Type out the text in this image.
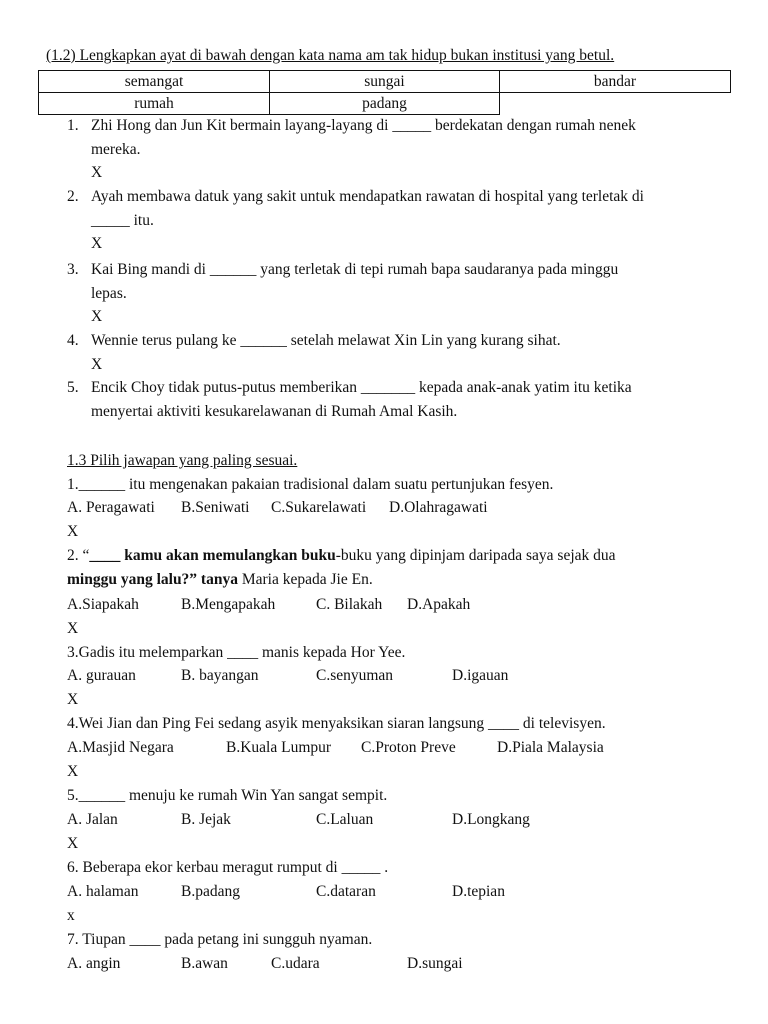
(1.2) Lengkapkan ayat di bawah dengan kata nama am tak hidup bukan institusi yang betul.
semangat	sungai	bandar
rumah	padang	
1. Zhi Hong dan Jun Kit bermain layang-layang di _____ berdekatan dengan rumah nenek
mereka.
X
2. Ayah membawa datuk yang sakit untuk mendapatkan rawatan di hospital yang terletak di
_____ itu.
X
3. Kai Bing mandi di ______ yang terletak di tepi rumah bapa saudaranya pada minggu
lepas.
X
4. Wennie terus pulang ke ______ setelah melawat Xin Lin yang kurang sihat.
X
5. Encik Choy tidak putus-putus memberikan _______ kepada anak-anak yatim itu ketika
menyertai aktiviti kesukarelawanan di Rumah Amal Kasih.
1.3 Pilih jawapan yang paling sesuai.
1.______ itu mengenakan pakaian tradisional dalam suatu pertunjukan fesyen.
A. Peragawati B.Seniwati C.Sukarelawati D.Olahragawati
X
2. “____ kamu akan memulangkan buku-buku yang dipinjam daripada saya sejak dua
minggu yang lalu?” tanya Maria kepada Jie En.
A.Siapakah	B.Mengapakah	C. Bilakah D.Apakah
X
3.Gadis itu melemparkan ____ manis kepada Hor Yee.
A. gurauan	B. bayangan	C.senyuman	D.igauan
X
4.Wei Jian dan Ping Fei sedang asyik menyaksikan siaran langsung ____ di televisyen.
A.Masjid Negara	B.Kuala Lumpur C.Proton Preve	D.Piala Malaysia
X
5.______ menuju ke rumah Win Yan sangat sempit.
A. Jalan	B. Jejak	C.Laluan	D.Longkang
X
6. Beberapa ekor kerbau meragut rumput di _____ .
A. halaman	B.padang	C.dataran	D.tepian
x
7. Tiupan ____ pada petang ini sungguh nyaman.
A. angin	B.awan	C.udara	D.sungai
